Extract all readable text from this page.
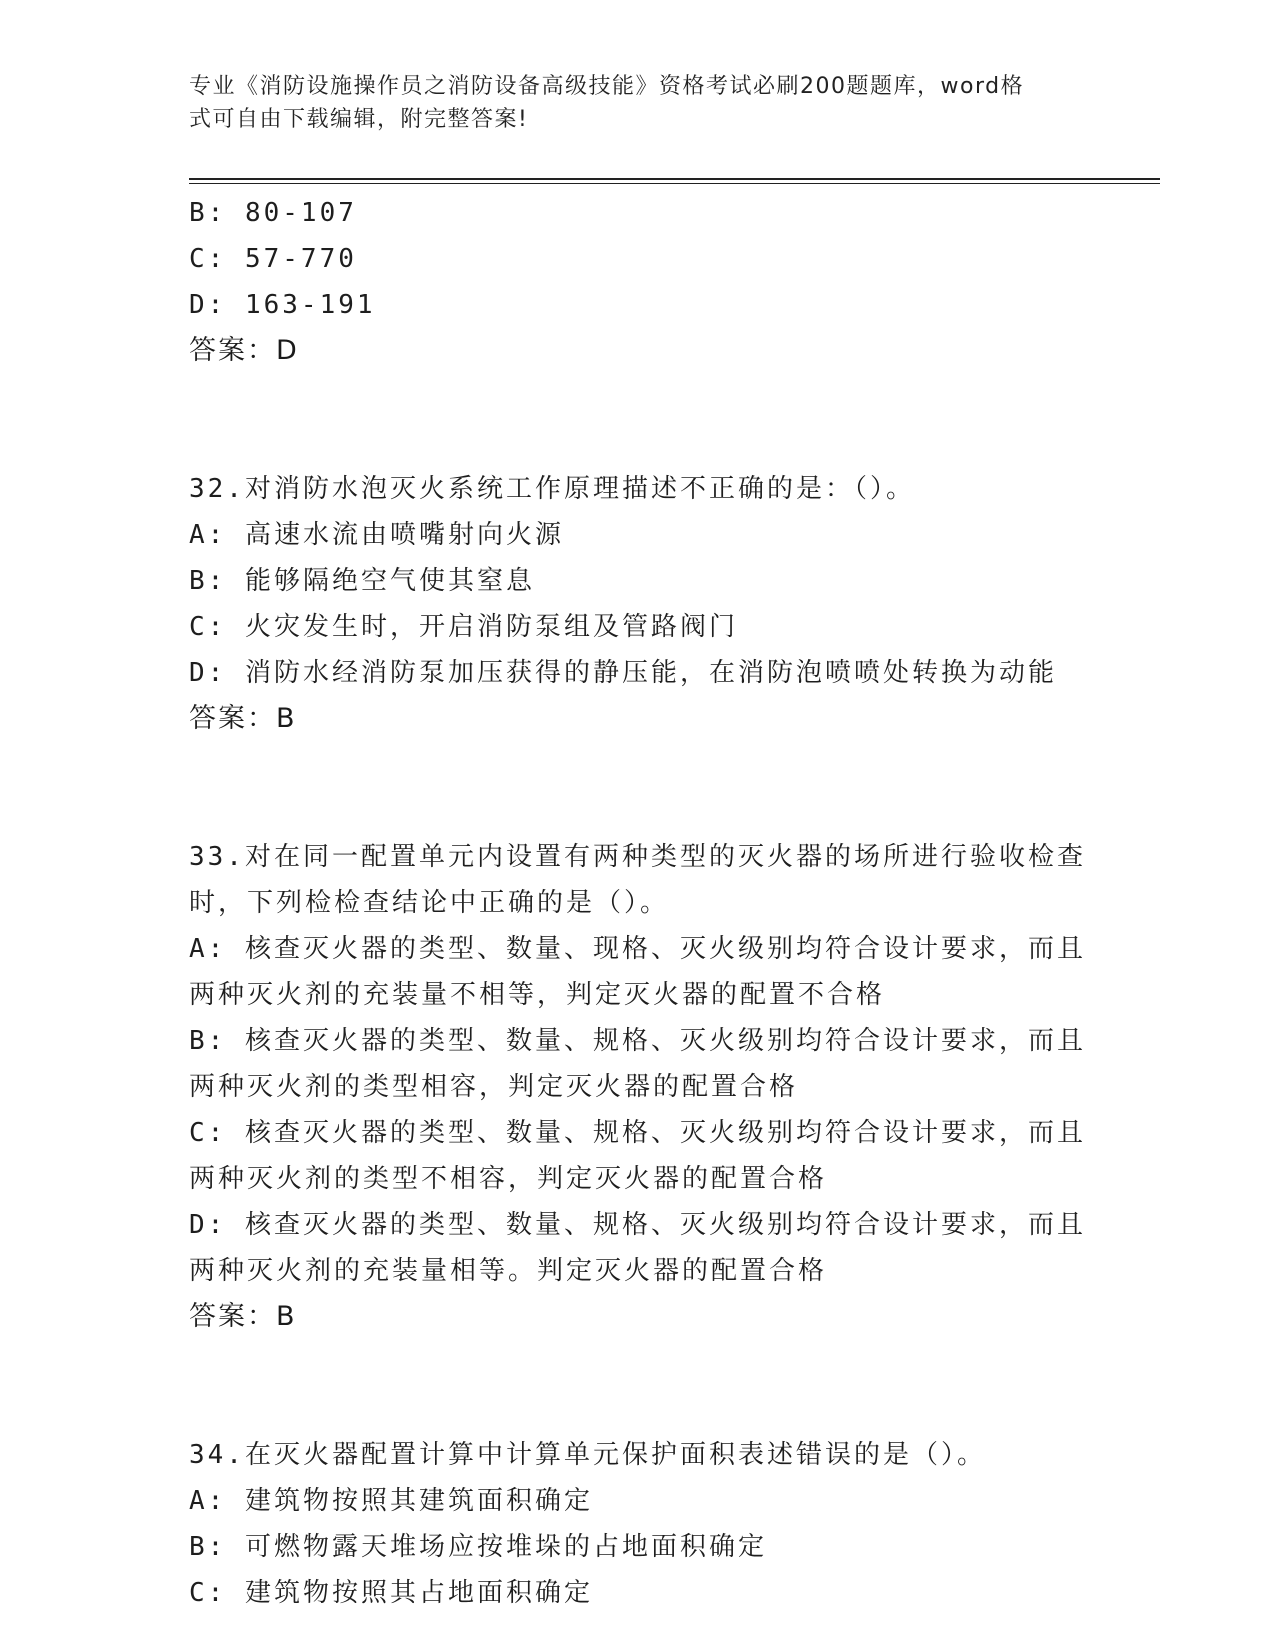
专业《消防设施操作员之消防设备高级技能》资格考试必刷200题题库，word格
式可自由下载编辑，附完整答案!
B: 80-107
C: 57-770
D: 163-191
答案：D
32.对消防水泡灭火系统工作原理描述不正确的是：（）。
A: 高速水流由喷嘴射向火源
B: 能够隔绝空气使其窒息
C: 火灾发生时，开启消防泵组及管路阀门
D: 消防水经消防泵加压获得的静压能，在消防泡喷喷处转换为动能
答案：B
33.对在同一配置单元内设置有两种类型的灭火器的场所进行验收检查
时，下列检检查结论中正确的是（）。
A: 核查灭火器的类型、数量、现格、灭火级别均符合设计要求，而且
两种灭火剂的充装量不相等，判定灭火器的配置不合格
B: 核查灭火器的类型、数量、规格、灭火级别均符合设计要求，而且
两种灭火剂的类型相容，判定灭火器的配置合格
C: 核查灭火器的类型、数量、规格、灭火级别均符合设计要求，而且
两种灭火剂的类型不相容，判定灭火器的配置合格
D: 核查灭火器的类型、数量、规格、灭火级别均符合设计要求，而且
两种灭火剂的充装量相等。判定灭火器的配置合格
答案：B
34.在灭火器配置计算中计算单元保护面积表述错误的是（）。
A: 建筑物按照其建筑面积确定
B: 可燃物露天堆场应按堆垛的占地面积确定
C: 建筑物按照其占地面积确定
